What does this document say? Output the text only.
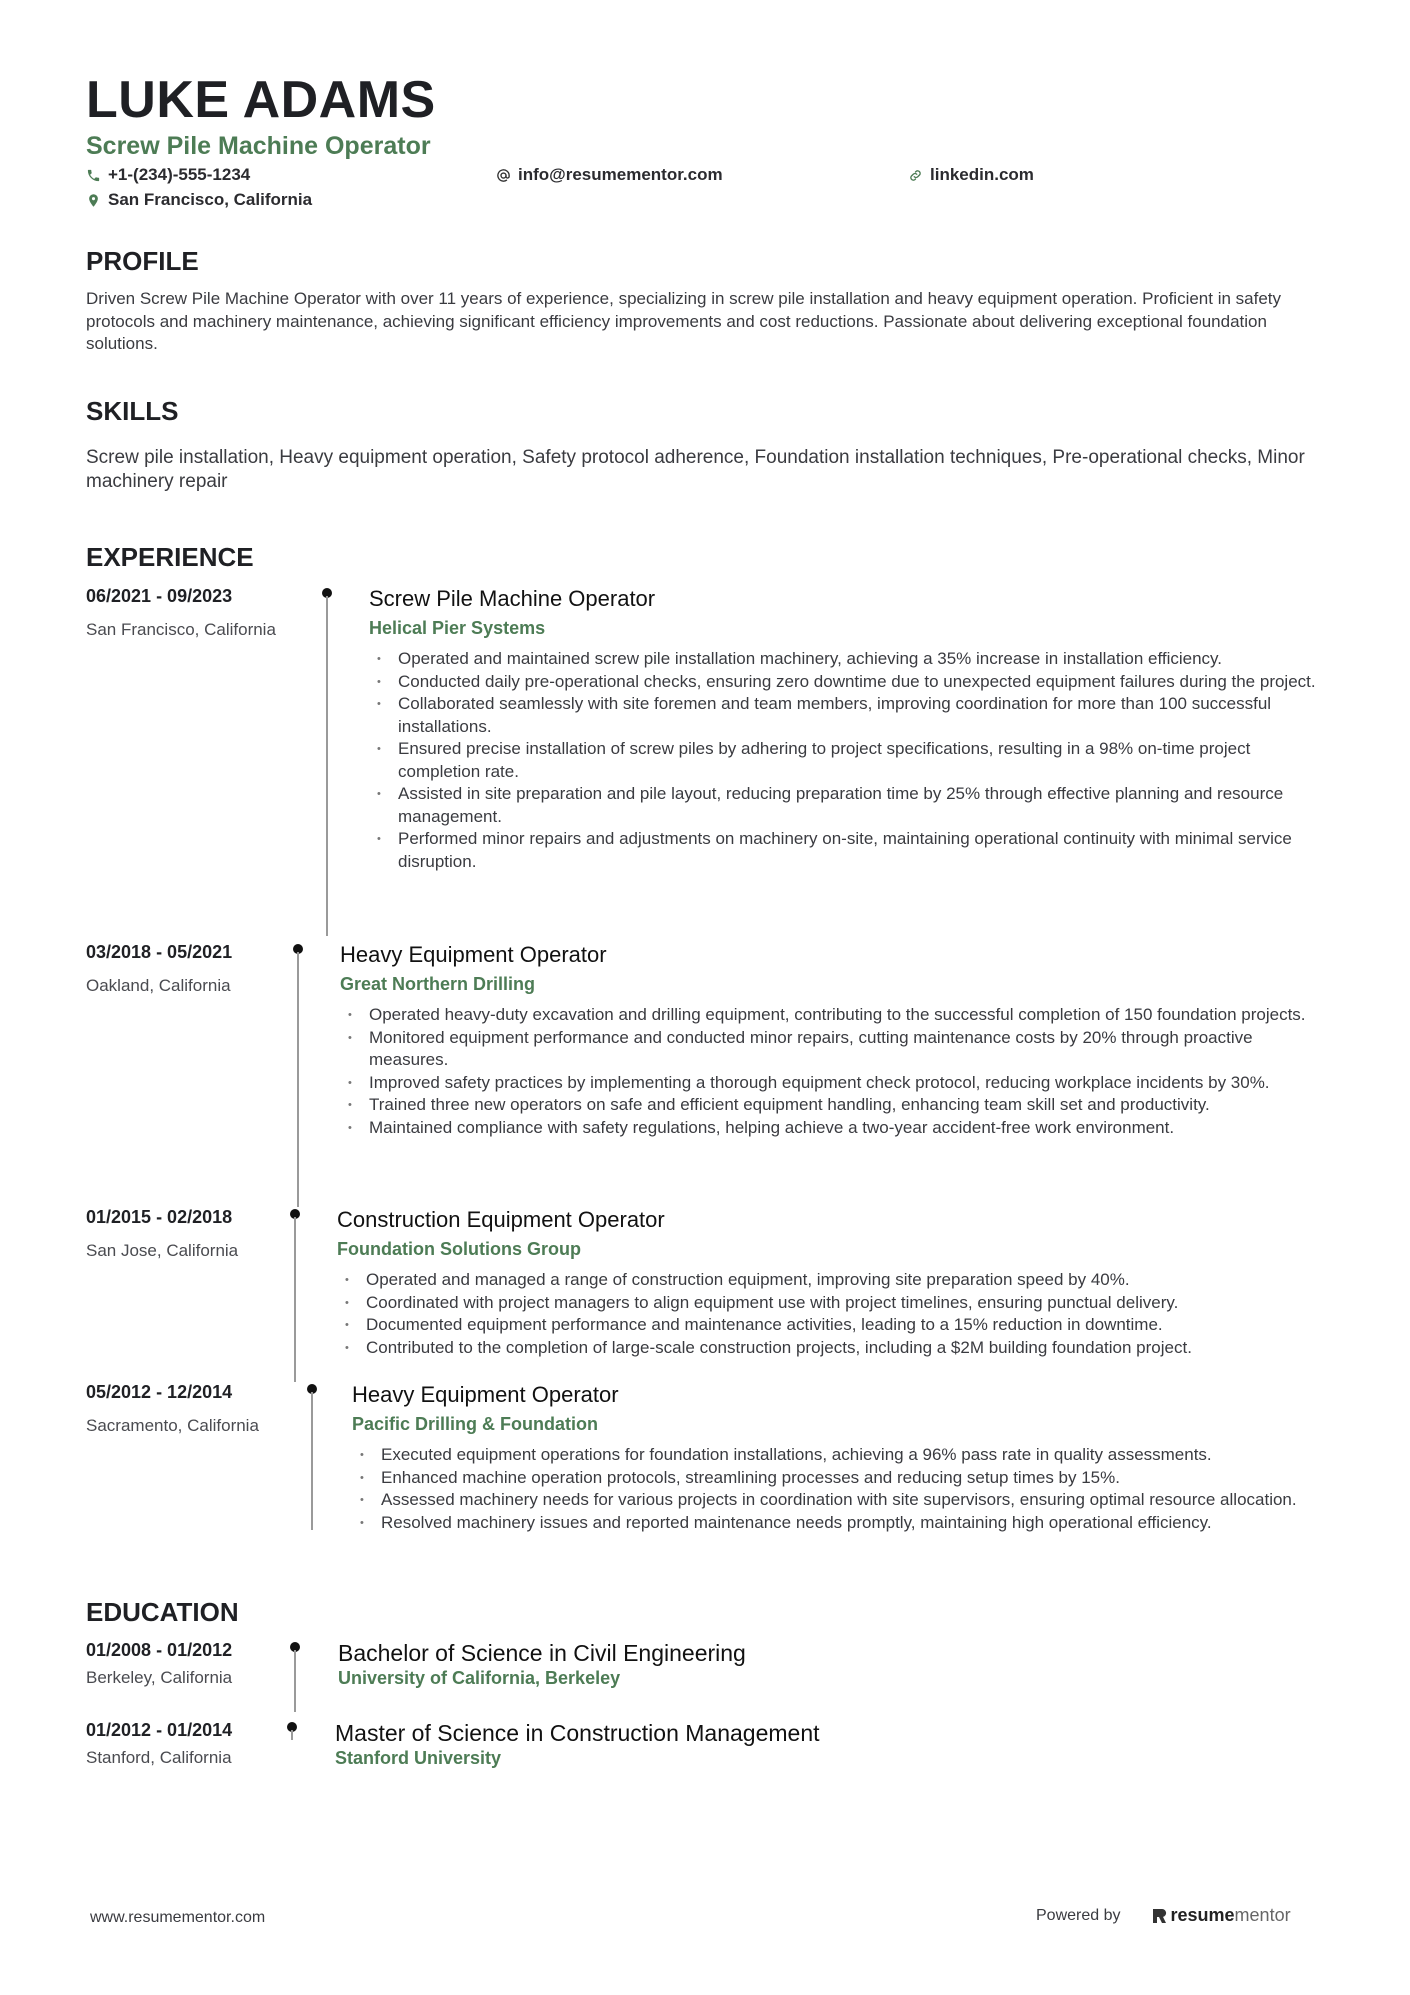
LUKE ADAMS
Screw Pile Machine Operator
+1-(234)-555-1234	info@resumementor.com	linkedin.com
San Francisco, California
PROFILE

Driven Screw Pile Machine Operator with over 11 years of experience, specializing in screw pile installation and heavy equipment operation. Proficient in safety protocols and machinery maintenance, achieving significant efficiency improvements and cost reductions. Passionate about delivering exceptional foundation solutions.

SKILLS

Screw pile installation, Heavy equipment operation, Safety protocol adherence, Foundation installation techniques, Pre-operational checks, Minor machinery repair

EXPERIENCE
06/2021 - 09/2023
San Francisco, California
Screw Pile Machine Operator
Helical Pier Systems
• Operated and maintained screw pile installation machinery, achieving a 35% increase in installation efficiency.
• Conducted daily pre-operational checks, ensuring zero downtime due to unexpected equipment failures during the project.
• Collaborated seamlessly with site foremen and team members, improving coordination for more than 100 successful installations.
• Ensured precise installation of screw piles by adhering to project specifications, resulting in a 98% on-time project completion rate.
• Assisted in site preparation and pile layout, reducing preparation time by 25% through effective planning and resource management.
• Performed minor repairs and adjustments on machinery on-site, maintaining operational continuity with minimal service disruption.
03/2018 - 05/2021
Oakland, California
Heavy Equipment Operator
Great Northern Drilling
• Operated heavy-duty excavation and drilling equipment, contributing to the successful completion of 150 foundation projects.
• Monitored equipment performance and conducted minor repairs, cutting maintenance costs by 20% through proactive measures.
• Improved safety practices by implementing a thorough equipment check protocol, reducing workplace incidents by 30%.
• Trained three new operators on safe and efficient equipment handling, enhancing team skill set and productivity.
• Maintained compliance with safety regulations, helping achieve a two-year accident-free work environment.
01/2015 - 02/2018
San Jose, California
Construction Equipment Operator
Foundation Solutions Group
• Operated and managed a range of construction equipment, improving site preparation speed by 40%.
• Coordinated with project managers to align equipment use with project timelines, ensuring punctual delivery.
• Documented equipment performance and maintenance activities, leading to a 15% reduction in downtime.
• Contributed to the completion of large-scale construction projects, including a $2M building foundation project.
05/2012 - 12/2014
Sacramento, California
Heavy Equipment Operator
Pacific Drilling & Foundation
• Executed equipment operations for foundation installations, achieving a 96% pass rate in quality assessments.
• Enhanced machine operation protocols, streamlining processes and reducing setup times by 15%.
• Assessed machinery needs for various projects in coordination with site supervisors, ensuring optimal resource allocation.
• Resolved machinery issues and reported maintenance needs promptly, maintaining high operational efficiency.
EDUCATION
01/2008 - 01/2012
Berkeley, California
Bachelor of Science in Civil Engineering
University of California, Berkeley
01/2012 - 01/2014
Stanford, California
Master of Science in Construction Management
Stanford University
www.resumementor.com	Powered by	resume mentor
